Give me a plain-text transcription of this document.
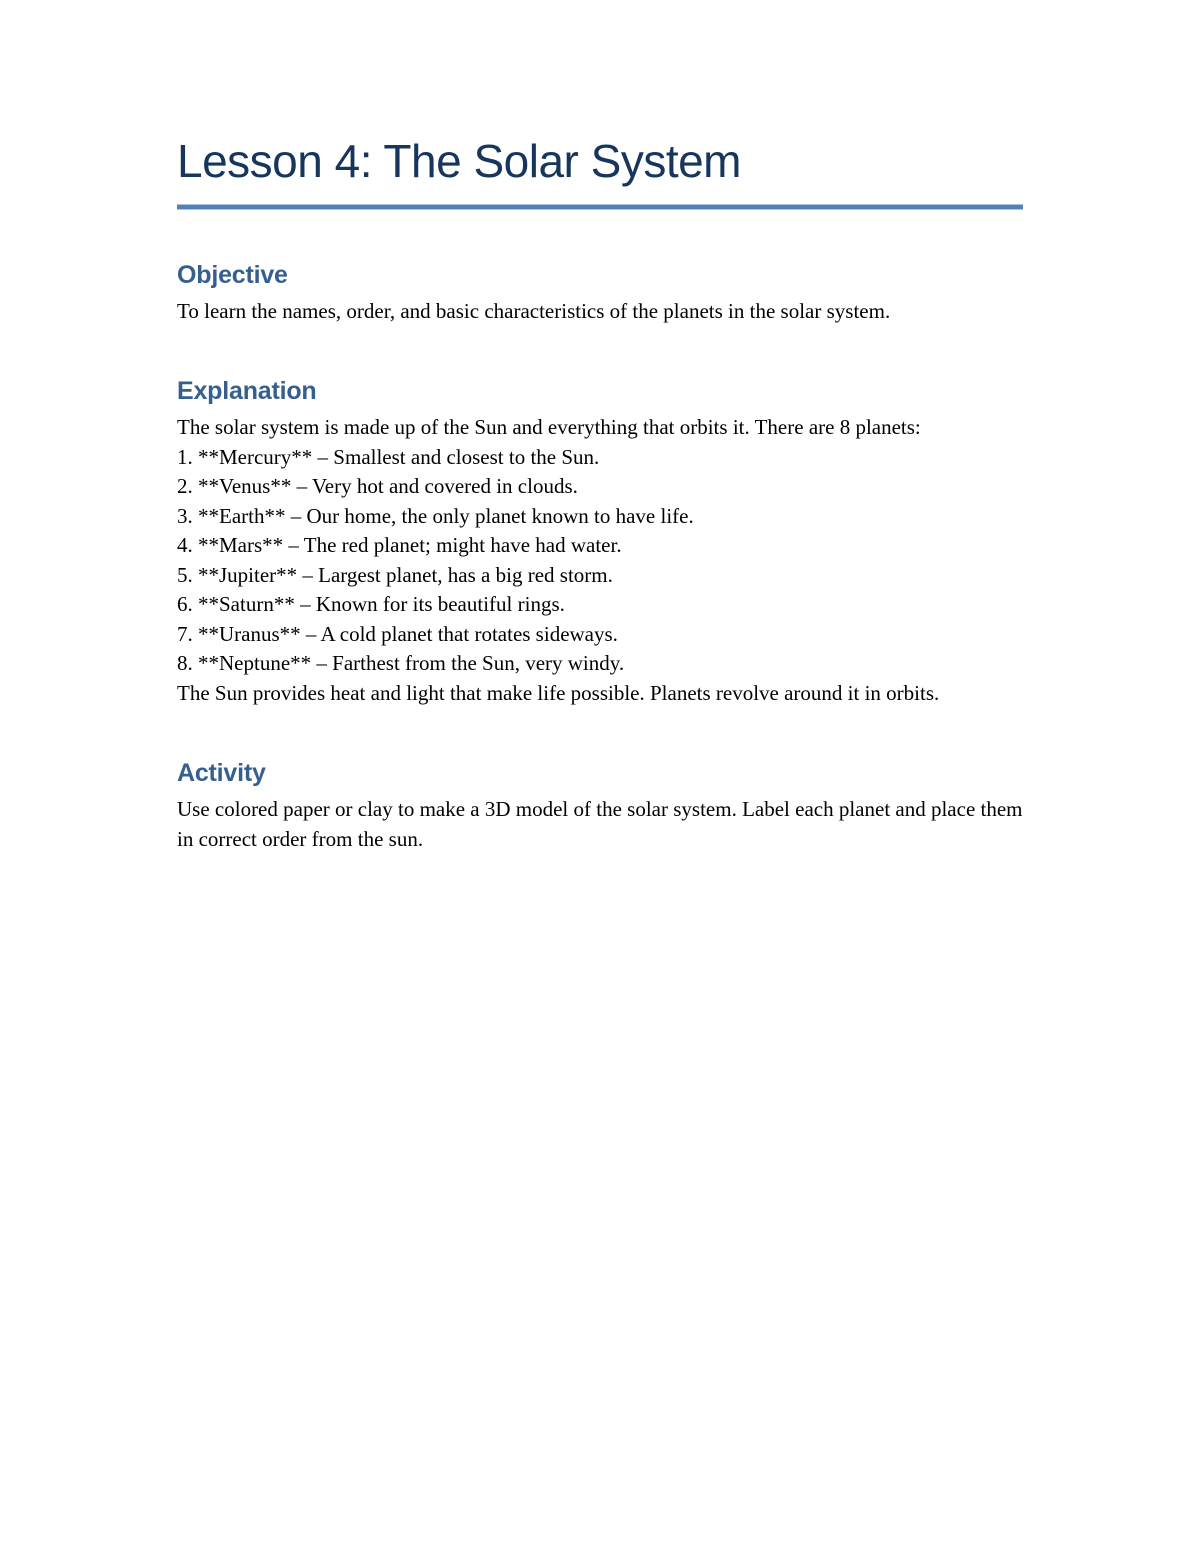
Lesson 4: The Solar System
Objective

To learn the names, order, and basic characteristics of the planets in the solar system.

Explanation

The solar system is made up of the Sun and everything that orbits it. There are 8 planets:

1. **Mercury** – Smallest and closest to the Sun.

2. **Venus** – Very hot and covered in clouds.

3. **Earth** – Our home, the only planet known to have life.

4. **Mars** – The red planet; might have had water.

5. **Jupiter** – Largest planet, has a big red storm.

6. **Saturn** – Known for its beautiful rings.

7. **Uranus** – A cold planet that rotates sideways.

8. **Neptune** – Farthest from the Sun, very windy.

The Sun provides heat and light that make life possible. Planets revolve around it in orbits.

Activity

Use colored paper or clay to make a 3D model of the solar system. Label each planet and place them in correct order from the sun.
